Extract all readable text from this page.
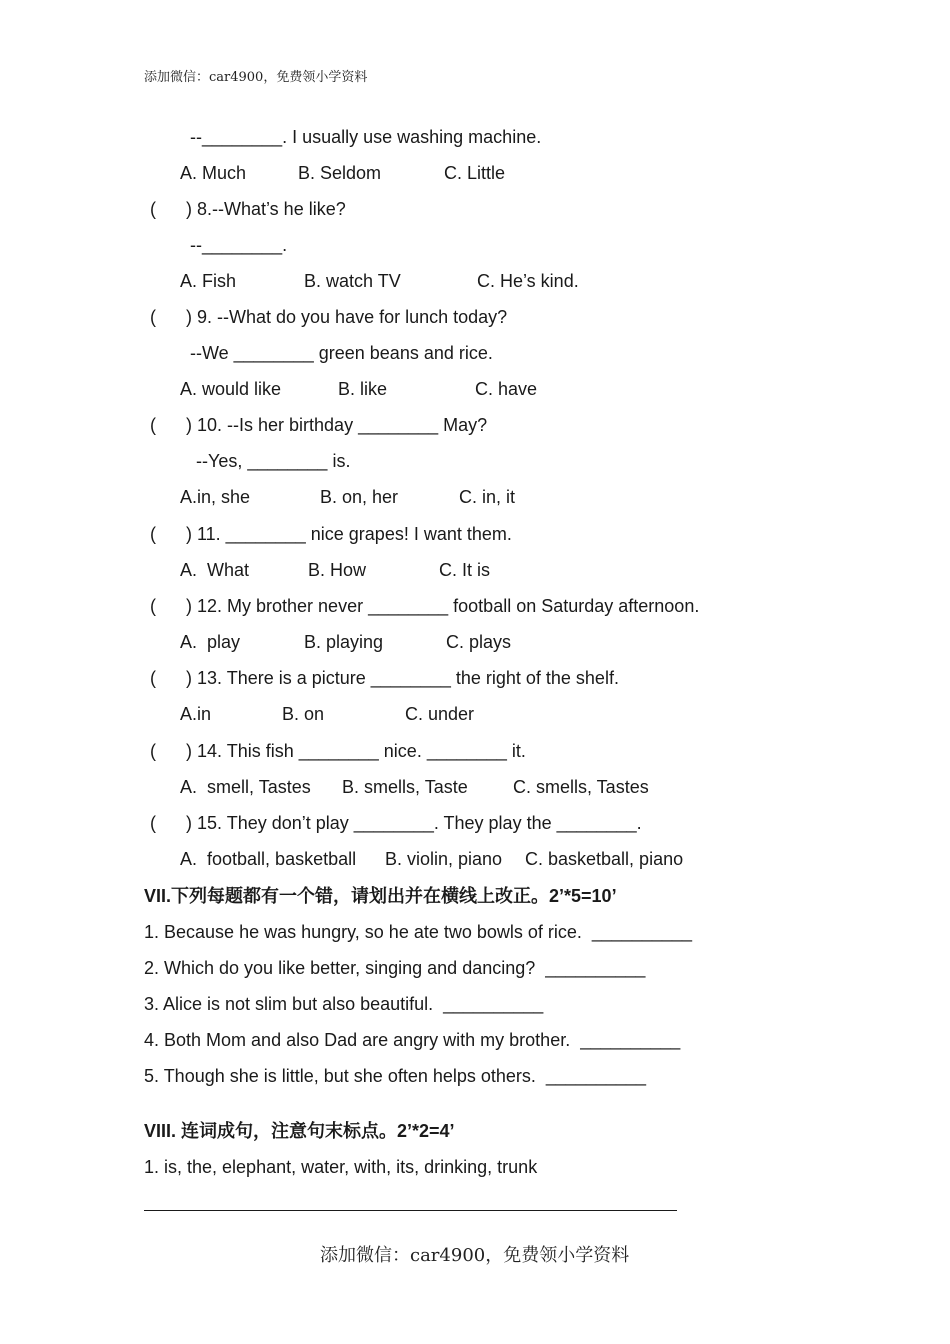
添加微信：car4900，免费领小学资料
--________. I usually use washing machine.
A. Much	B. Seldom	C. Little
(      ) 8.--What’s he like?
--________.
A. Fish	B. watch TV	C. He’s kind.
(      ) 9. --What do you have for lunch today?
--We ________ green beans and rice.
A. would like	B. like	C. have
(      ) 10. --Is her birthday ________ May?
--Yes, ________ is.
A.in, she	B. on, her	C. in, it
(      ) 11. ________ nice grapes! I want them.
A.  What	B. How	C. It is
(      ) 12. My brother never ________ football on Saturday afternoon.
A.  play	B. playing	C. plays
(      ) 13. There is a picture ________ the right of the shelf.
A.in	B. on	C. under
(      ) 14. This fish ________ nice. ________ it.
A.  smell, Tastes B. smells, Taste	C. smells, Tastes
(      ) 15. They don’t play ________. They play the ________.
A.  football, basketball B. violin, piano C. basketball, piano
VII.下列每题都有一个错，请划出并在横线上改正。2’*5=10’
1. Because he was hungry, so he ate two bowls of rice.  __________
2. Which do you like better, singing and dancing?  __________
3. Alice is not slim but also beautiful.  __________
4. Both Mom and also Dad are angry with my brother.  __________
5. Though she is little, but she often helps others.  __________
VIII. 连词成句，注意句末标点。2’*2=4’
1. is, the, elephant, water, with, its, drinking, trunk
添加微信：car4900，免费领小学资料
